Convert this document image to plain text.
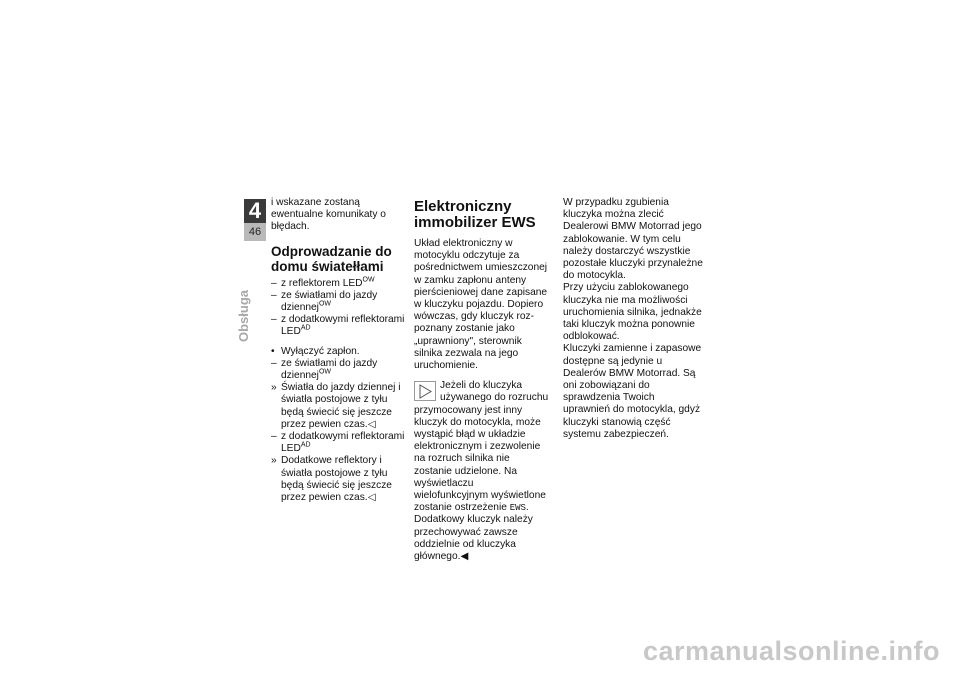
4
46
Obsługa

i wskazane zostaną ewentualne komunikaty o błędach.

Odprowadzanie do domu światełłami
– z reflektorem $LED^{OW}$
– ze światłami do jazdy dziennej$^{OW}$
– z dodatkowymi reflektorami $LED^{AD}$
• Wyłączyć zapłon.
– ze światłami do jazdy dziennej$^{OW}$
» Światła do jazdy dziennej i światła postojowe z tyłu będą świecić się jeszcze przez pewien czas.◁
– z dodatkowymi reflektorami $LED^{AD}$
» Dodatkowe reflektory i światła postojowe z tyłu będą świecić się jeszcze przez pewien czas.◁
Elektroniczny immobilizer EWS

Układ elektroniczny w motocyklu odczytuje za pośrednictwem umieszczonej w zamku zapłonu anteny pierścieniowej dane zapisane w kluczyku pojazdu. Dopiero wówczas, gdy kluczyk rozpoznany zostanie jako „uprawniony", sterownik silnika zezwala na jego uruchomienie.

Jeżeli do kluczyka używanego do rozruchu przymocowany jest inny kluczyk do motocykla, może wystąpić błąd w układzie elektronicznym i zezwolenie na rozruch silnika nie zostanie udzielone. Na wyświetlaczu wielofunkcyjnym wyświetlone zostanie ostrzeżenie EWS.

Dodatkowy kluczyk należy przechowywać zawsze oddzielnie od kluczyka głównego.◀

W przypadku zgubienia kluczyka można zlecić Dealerowi BMW Motorrad jego zablokowanie. W tym celu należy dostarczyć wszystkie pozostałe kluczyki przynależne do motocykla.

Przy użyciu zablokowanego kluczyka nie ma możliwości uruchomienia silnika, jednakże taki kluczyk można ponownie odblokować.

Kluczyki zamienne i zapasowe dostępne są jedynie u Dealerów BMW Motorrad. Są oni zobowiązani do sprawdzenia Twoich uprawnień do motocykla, gdyż kluczyki stanowią część systemu zabezpieczeń.

carmanualsonline.info
